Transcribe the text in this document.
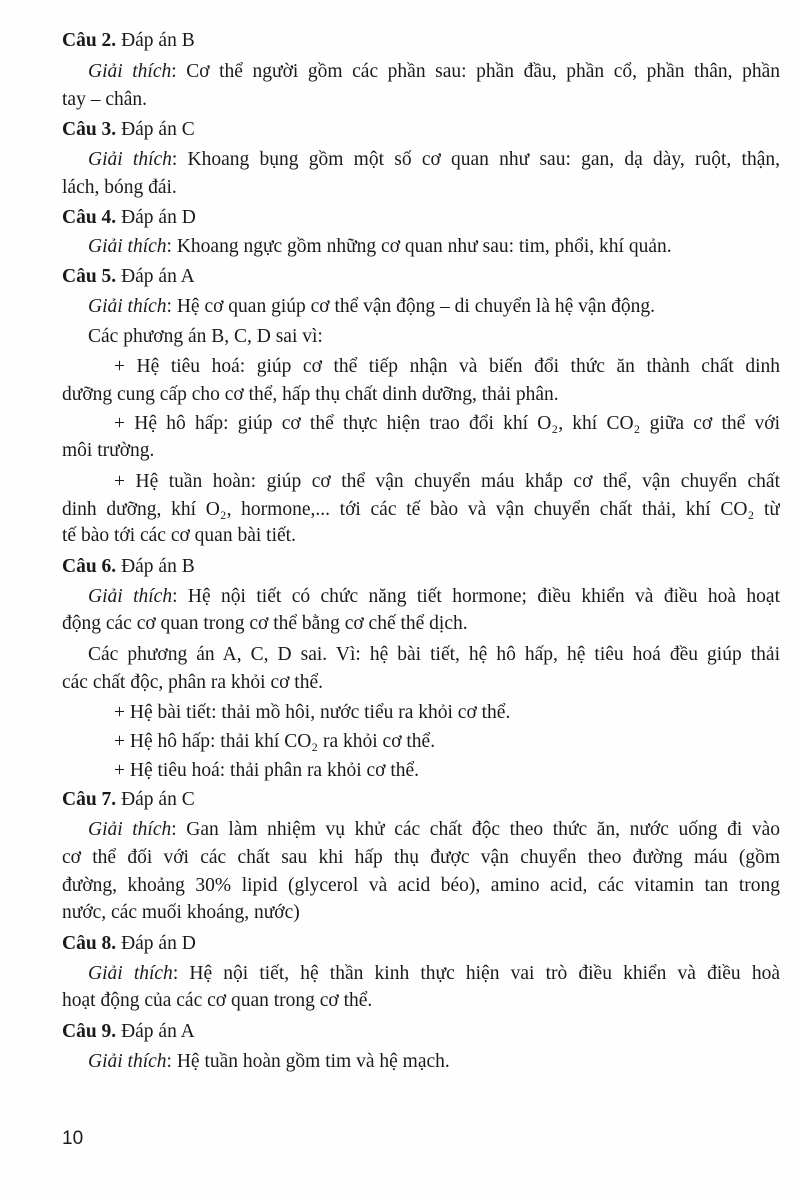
Câu 2. Đáp án B
Giải thích: Cơ thể người gồm các phần sau: phần đầu, phần cổ, phần thân, phần
tay – chân.
Câu 3. Đáp án C
Giải thích: Khoang bụng gồm một số cơ quan như sau: gan, dạ dày, ruột, thận,
lách, bóng đái.
Câu 4. Đáp án D
Giải thích: Khoang ngực gồm những cơ quan như sau: tim, phổi, khí quản.
Câu 5. Đáp án A
Giải thích: Hệ cơ quan giúp cơ thể vận động – di chuyển là hệ vận động.
Các phương án B, C, D sai vì:
+ Hệ tiêu hoá: giúp cơ thể tiếp nhận và biến đổi thức ăn thành chất dinh
dưỡng cung cấp cho cơ thể, hấp thụ chất dinh dưỡng, thải phân.
+ Hệ hô hấp: giúp cơ thể thực hiện trao đổi khí O₂, khí CO₂ giữa cơ thể với
môi trường.
+ Hệ tuần hoàn: giúp cơ thể vận chuyển máu khắp cơ thể, vận chuyển chất
dinh dưỡng, khí O₂, hormone,... tới các tế bào và vận chuyển chất thải, khí CO₂ từ
tế bào tới các cơ quan bài tiết.
Câu 6. Đáp án B
Giải thích: Hệ nội tiết có chức năng tiết hormone; điều khiển và điều hoà hoạt
động các cơ quan trong cơ thể bằng cơ chế thể dịch.
Các phương án A, C, D sai. Vì: hệ bài tiết, hệ hô hấp, hệ tiêu hoá đều giúp thải
các chất độc, phân ra khỏi cơ thể.
+ Hệ bài tiết: thải mồ hôi, nước tiểu ra khỏi cơ thể.
+ Hệ hô hấp: thải khí CO₂ ra khỏi cơ thể.
+ Hệ tiêu hoá: thải phân ra khỏi cơ thể.
Câu 7. Đáp án C
Giải thích: Gan làm nhiệm vụ khử các chất độc theo thức ăn, nước uống đi vào
cơ thể đối với các chất sau khi hấp thụ được vận chuyển theo đường máu (gồm
đường, khoảng 30% lipid (glycerol và acid béo), amino acid, các vitamin tan trong
nước, các muối khoáng, nước)
Câu 8. Đáp án D
Giải thích: Hệ nội tiết, hệ thần kinh thực hiện vai trò điều khiển và điều hoà
hoạt động của các cơ quan trong cơ thể.
Câu 9. Đáp án A
Giải thích: Hệ tuần hoàn gồm tim và hệ mạch.
10
